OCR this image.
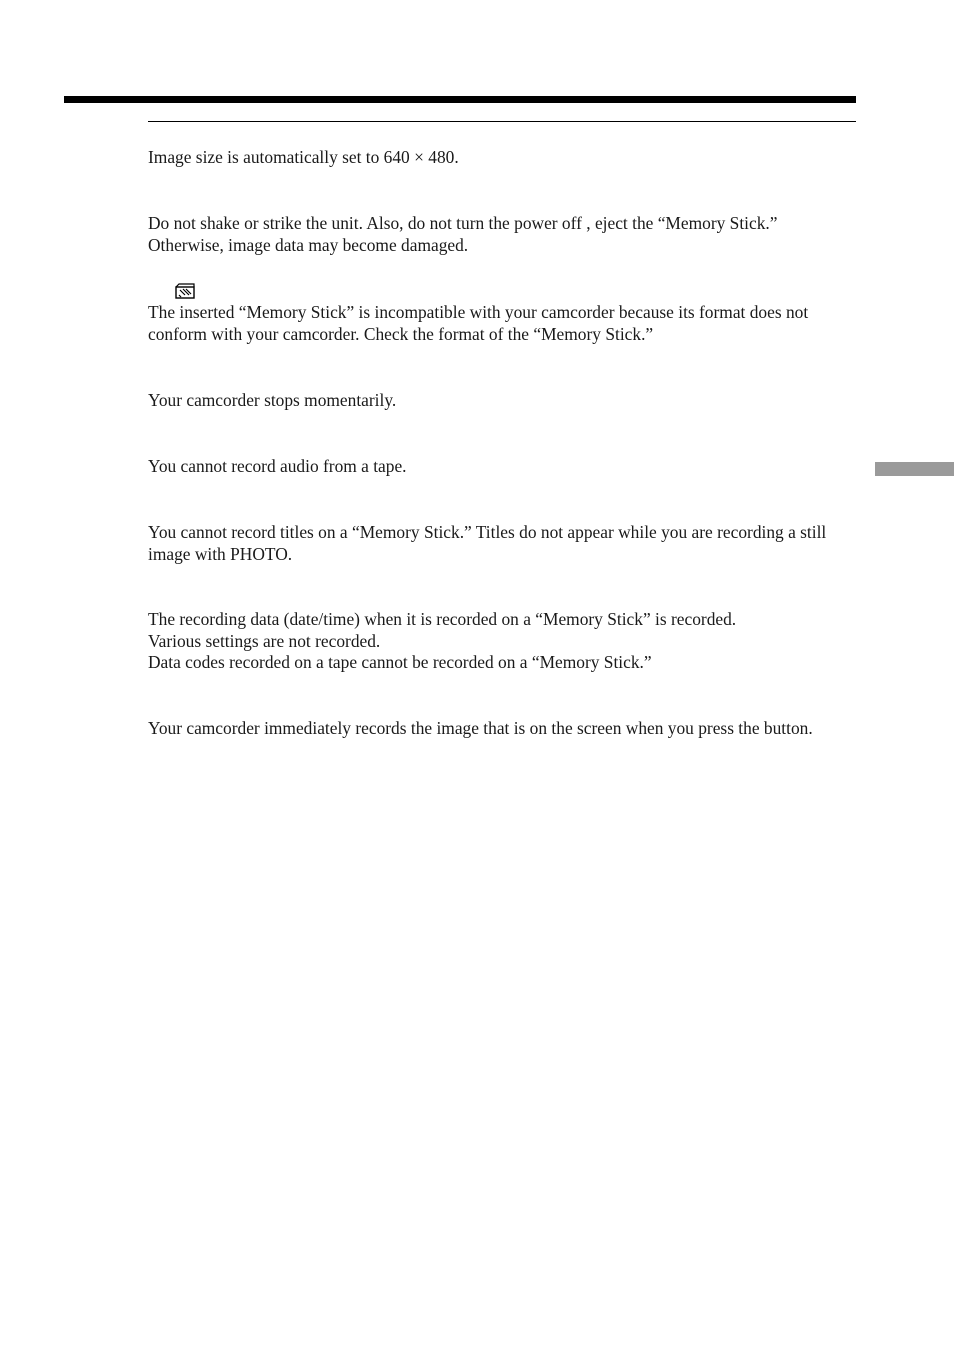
Image size is automatically set to 640 × 480.

Do not shake or strike the unit. Also, do not turn the power off , eject the “Memory Stick.” Otherwise, image data may become damaged.

The inserted “Memory Stick” is incompatible with your camcorder because its format does not conform with your camcorder. Check the format of the “Memory Stick.”

Your camcorder stops momentarily.

You cannot record audio from a tape.

You cannot record titles on a “Memory Stick.” Titles do not appear while you are recording a still image with PHOTO.

The recording data (date/time) when it is recorded on a “Memory Stick” is recorded.

Various settings are not recorded.

Data codes recorded on a tape cannot be recorded on a “Memory Stick.”

Your camcorder immediately records the image that is on the screen when you press the button.
